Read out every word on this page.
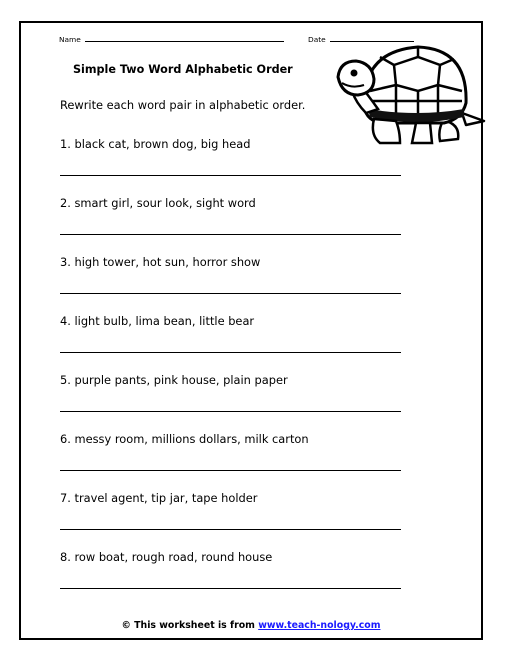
Name	Date
Simple Two Word Alphabetic Order
Rewrite each word pair in alphabetic order.
1. black cat, brown dog, big head
2. smart girl, sour look, sight word
3. high tower, hot sun, horror show
4. light bulb, lima bean, little bear
5. purple pants, pink house, plain paper
6. messy room, millions dollars, milk carton
7. travel agent, tip jar, tape holder
8. row boat, rough road, round house
© This worksheet is from www.teach-nology.com
